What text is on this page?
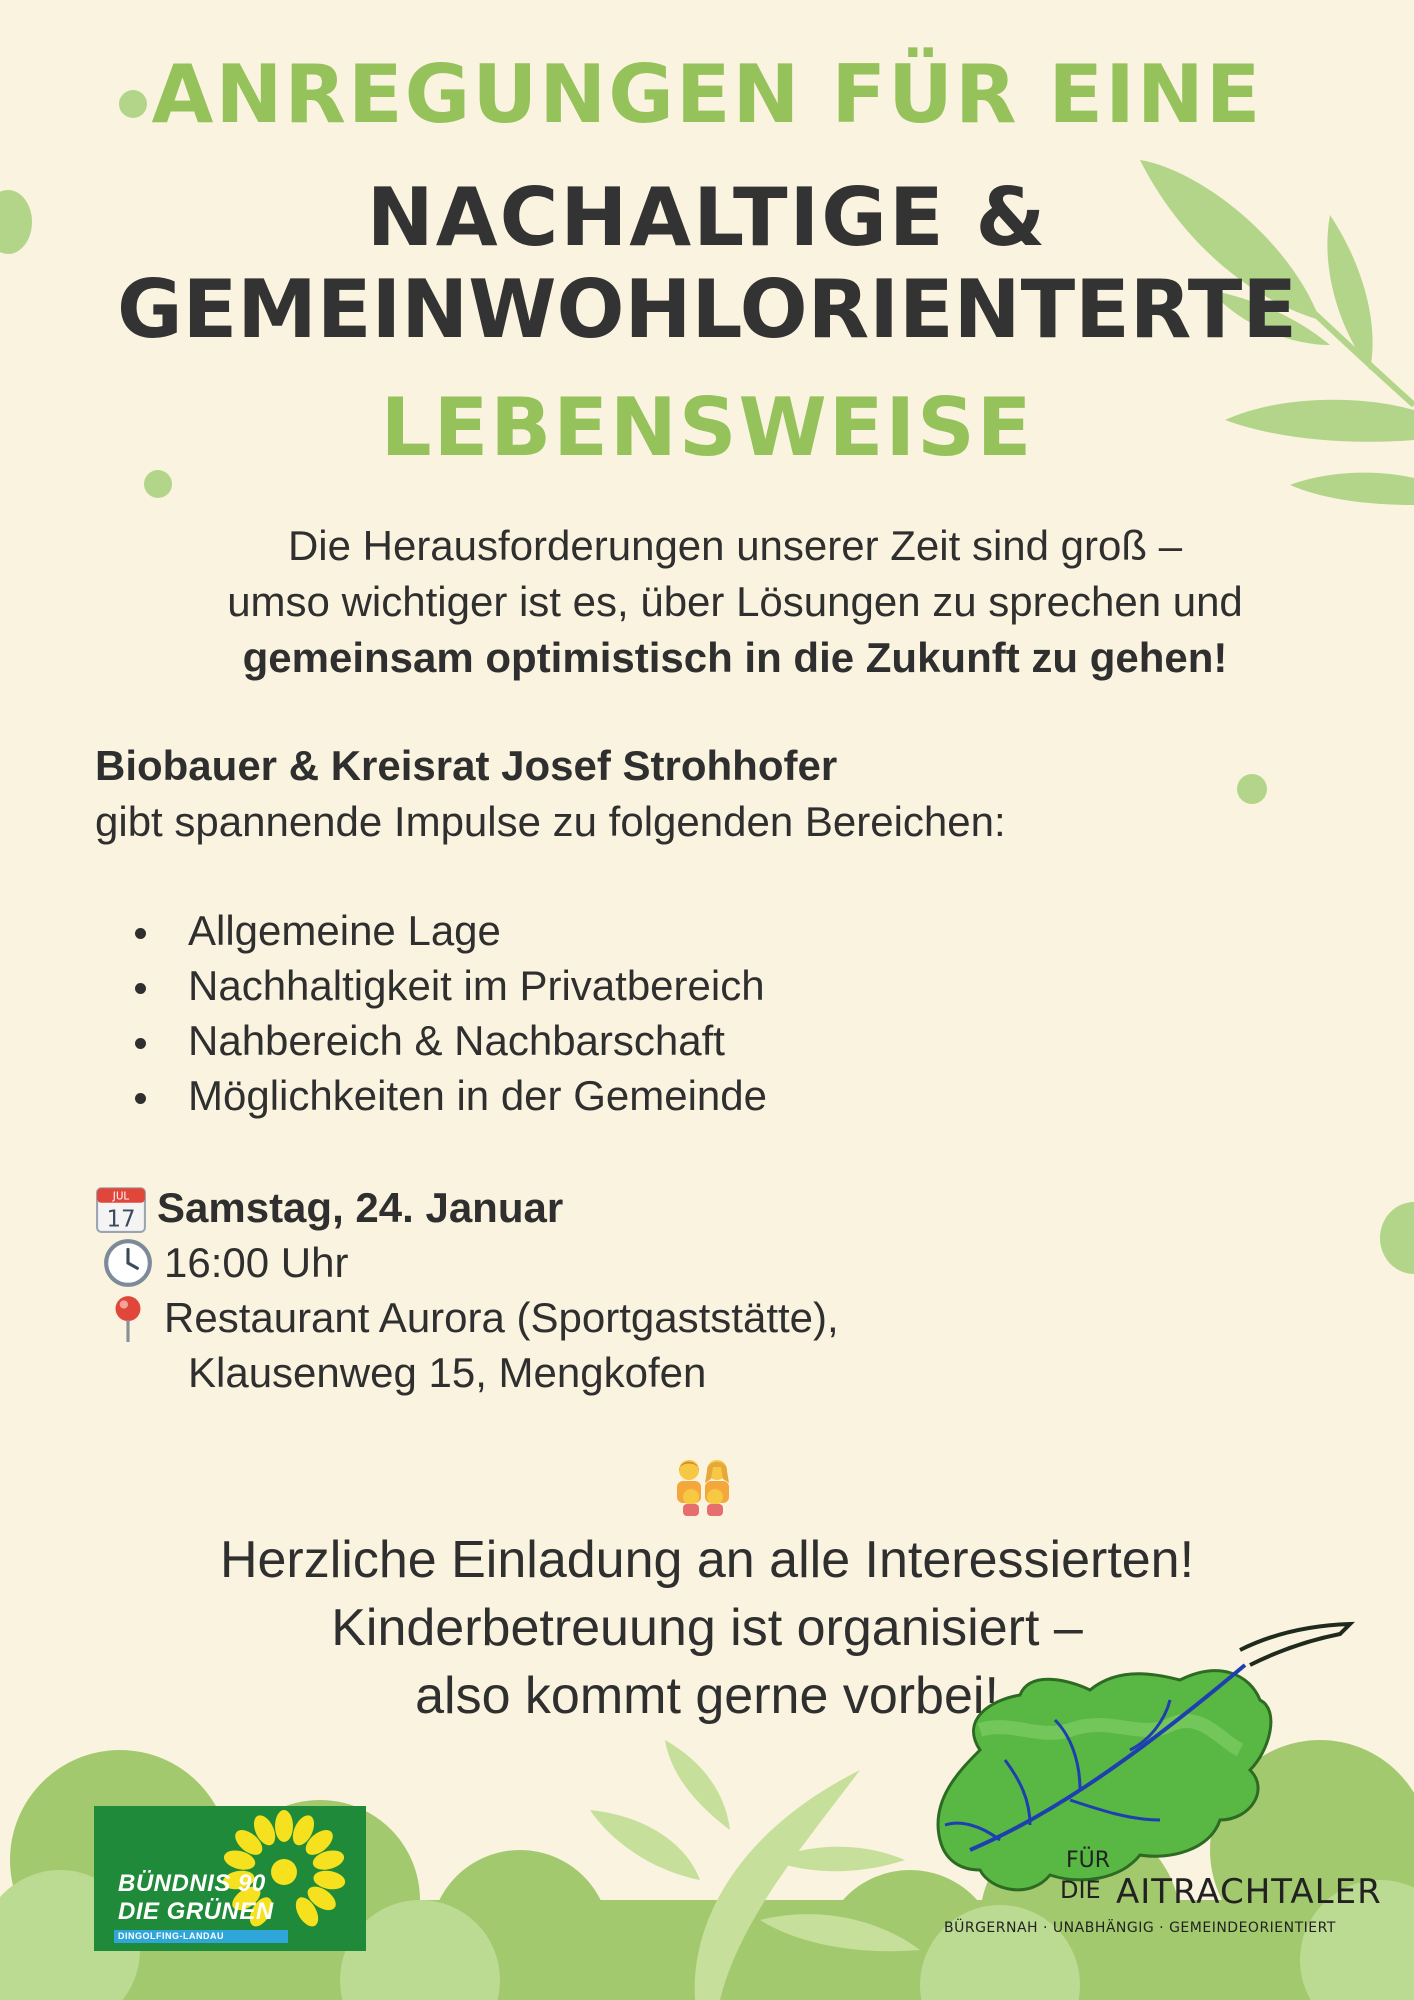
ANREGUNGEN FÜR EINE
NACHALTIGE &
GEMEINWOHLORIENTERTE
LEBENSWEISE
Die Herausforderungen unserer Zeit sind groß –
umso wichtiger ist es, über Lösungen zu sprechen und
gemeinsam optimistisch in die Zukunft zu gehen!
Biobauer & Kreisrat Josef Strohhofer
gibt spannende Impulse zu folgenden Bereichen:
Allgemeine Lage
Nachhaltigkeit im Privatbereich
Nahbereich & Nachbarschaft
Möglichkeiten in der Gemeinde
JUL
17 Samstag, 24. Januar
16:00 Uhr
Restaurant Aurora (Sportgaststätte),
Klausenweg 15, Mengkofen
Herzliche Einladung an alle Interessierten!
Kinderbetreuung ist organisiert –
also kommt gerne vorbei!
BÜNDNIS 90
DIE GRÜNEN
DINGOLFING-LANDAU
FÜR
DIE AITRACHTALER
BÜRGERNAH · UNABHÄNGIG · GEMEINDEORIENTIERT
